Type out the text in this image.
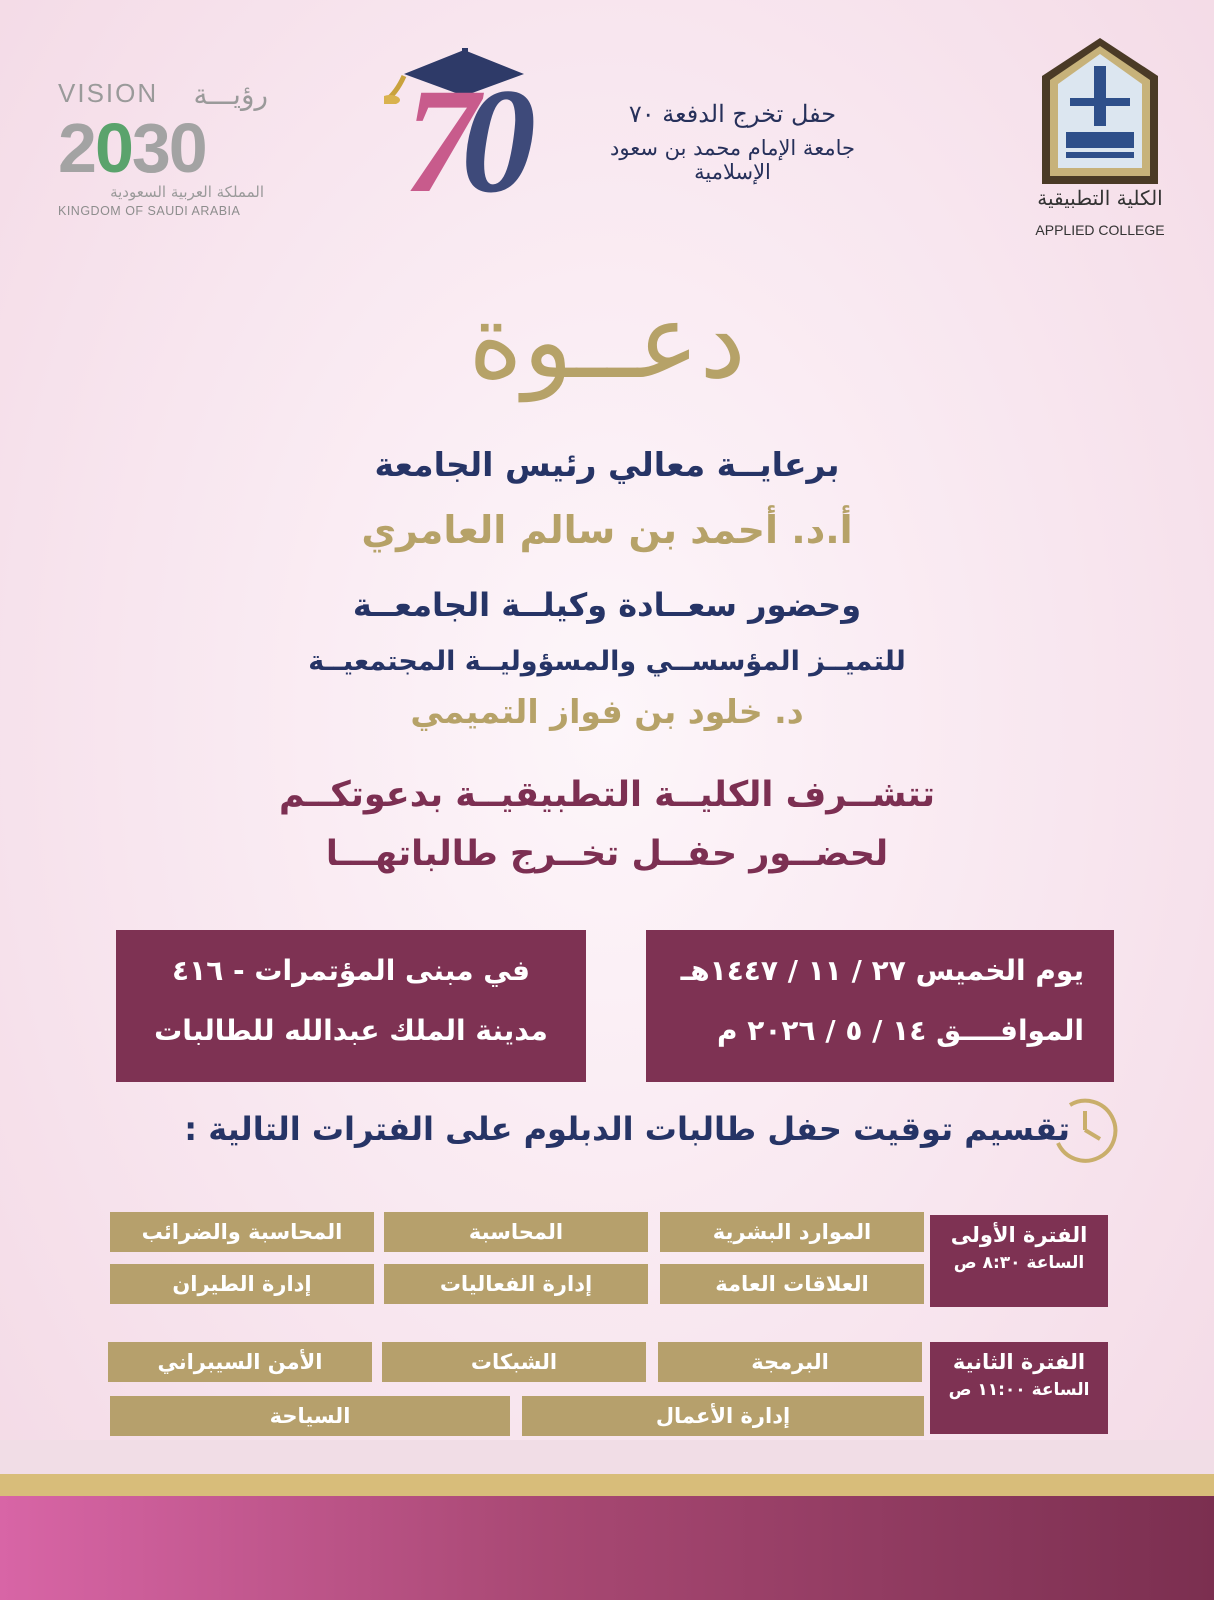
VISION رؤيـــة
2030
المملكة العربية السعودية
KINGDOM OF SAUDI ARABIA 70	حفل تخرج الدفعة ٧٠
جامعة الإمام محمد بن سعود الإسلامية
الكلية التطبيقية
APPLIED COLLEGE
دعــوة
برعايــة معالي رئيس الجامعة
أ.د. أحمد بن سالم العامري
وحضور سعــادة وكيلــة الجامعــة
للتميــز المؤسســي والمسؤوليــة المجتمعيــة
د. خلود بن فواز التميمي
تتشــرف الكليــة التطبيقيــة بدعوتكــم
لحضــور حفــل تخــرج طالباتهـــا
يوم الخميس ٢٧ / ١١ / ١٤٤٧هـ
الموافــــق ١٤ / ٥ / ٢٠٢٦ م
في مبنى المؤتمرات - ٤١٦
مدينة الملك عبدالله للطالبات
تقسيم توقيت حفل طالبات الدبلوم على الفترات التالية :
الفترة الأولى
الساعة ٨:٣٠ ص
الموارد البشرية
المحاسبة
المحاسبة والضرائب
العلاقات العامة
إدارة الفعاليات
إدارة الطيران
الفترة الثانية
الساعة ١١:٠٠ ص
البرمجة
الشبكات
الأمن السيبراني
إدارة الأعمال
السياحة
